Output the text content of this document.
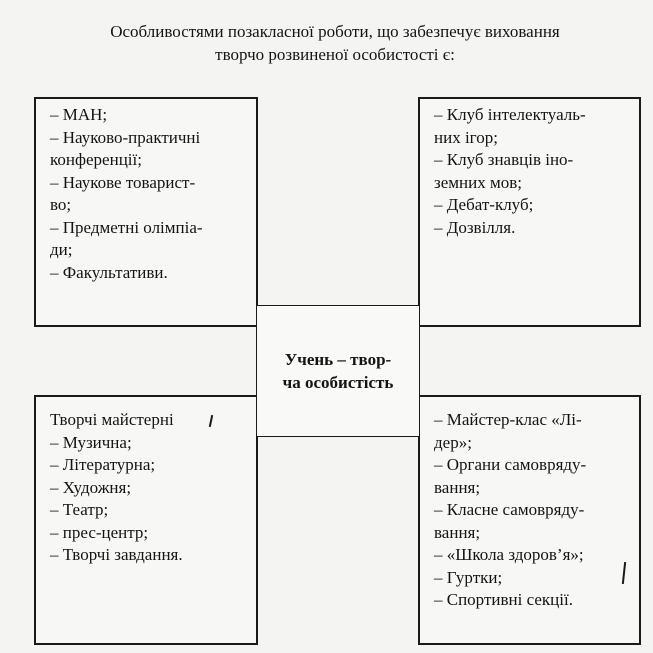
Особливостями позакласної роботи, що забезпечує виховання
творчо розвиненої особистості є:
– МАН;
– Науково-практичні
конференції;
– Наукове товарист-
во;
– Предметні олімпіа-
ди;
– Факультативи.
– Клуб інтелектуаль-
них ігор;
– Клуб знавців іно-
земних мов;
– Дебат-клуб;
– Дозвілля.
Творчі майстерні
– Музична;
– Літературна;
– Художня;
– Театр;
– прес-центр;
– Творчі завдання.
– Майстер-клас «Лі-
дер»;
– Органи самовряду-
вання;
– Класне самовряду-
вання;
– «Школа здоров’я»;
– Гуртки;
– Спортивні секції.
Учень – твор-
ча особистість
